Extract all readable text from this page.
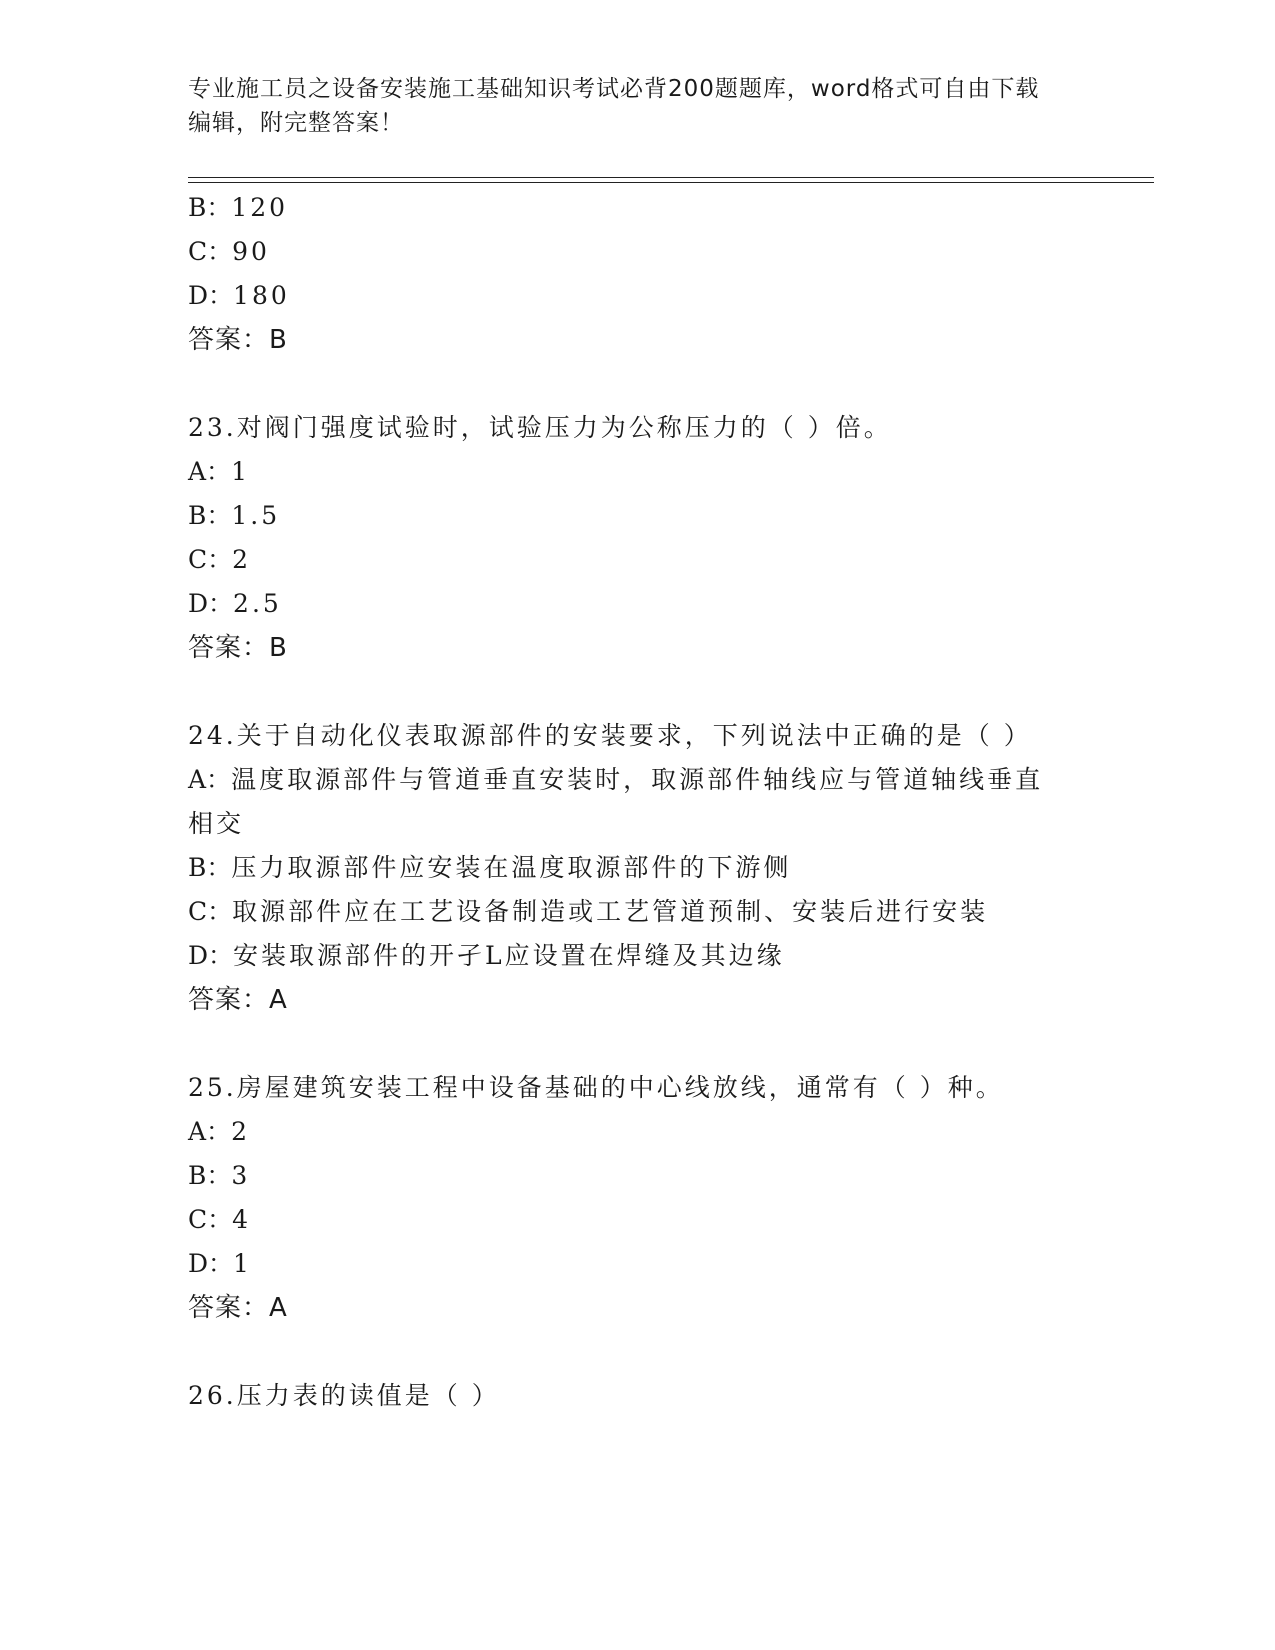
专业施工员之设备安装施工基础知识考试必背200题题库，word格式可自由下载
编辑，附完整答案！
B：120
C：90
D：180
答案：B
23.对阀门强度试验时，试验压力为公称压力的（ ）倍。
A：1
B：1.5
C：2
D：2.5
答案：B
24.关于自动化仪表取源部件的安装要求，下列说法中正确的是（ ）
A：温度取源部件与管道垂直安装时，取源部件轴线应与管道轴线垂直
相交
B：压力取源部件应安装在温度取源部件的下游侧
C：取源部件应在工艺设备制造或工艺管道预制、安装后进行安装
D：安装取源部件的开孑L应设置在焊缝及其边缘
答案：A
25.房屋建筑安装工程中设备基础的中心线放线，通常有（ ）种。
A：2
B：3
C：4
D：1
答案：A
26.压力表的读值是（ ）
